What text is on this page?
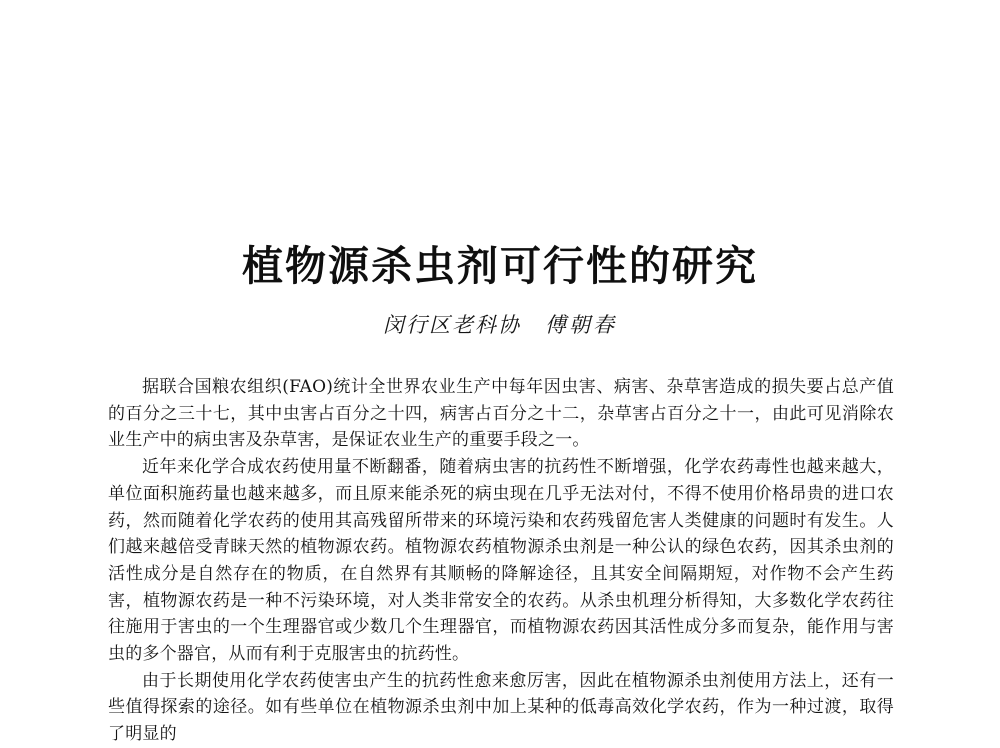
植物源杀虫剂可行性的研究
闵行区老科协 傅朝春

据联合国粮农组织(FAO)统计全世界农业生产中每年因虫害、病害、杂草害造成的损失要占总产值的百分之三十七，其中虫害占百分之十四，病害占百分之十二，杂草害占百分之十一，由此可见消除农业生产中的病虫害及杂草害，是保证农业生产的重要手段之一。

近年来化学合成农药使用量不断翻番，随着病虫害的抗药性不断增强，化学农药毒性也越来越大，单位面积施药量也越来越多，而且原来能杀死的病虫现在几乎无法对付，不得不使用价格昂贵的进口农药，然而随着化学农药的使用其高残留所带来的环境污染和农药残留危害人类健康的问题时有发生。人们越来越倍受青睐天然的植物源农药。植物源农药植物源杀虫剂是一种公认的绿色农药，因其杀虫剂的活性成分是自然存在的物质，在自然界有其顺畅的降解途径，且其安全间隔期短，对作物不会产生药害，植物源农药是一种不污染环境，对人类非常安全的农药。从杀虫机理分析得知，大多数化学农药往往施用于害虫的一个生理器官或少数几个生理器官，而植物源农药因其活性成分多而复杂，能作用与害虫的多个器官，从而有利于克服害虫的抗药性。

由于长期使用化学农药使害虫产生的抗药性愈来愈厉害，因此在植物源杀虫剂使用方法上，还有一些值得探索的途径。如有些单位在植物源杀虫剂中加上某种的低毒高效化学农药，作为一种过渡，取得了明显的
